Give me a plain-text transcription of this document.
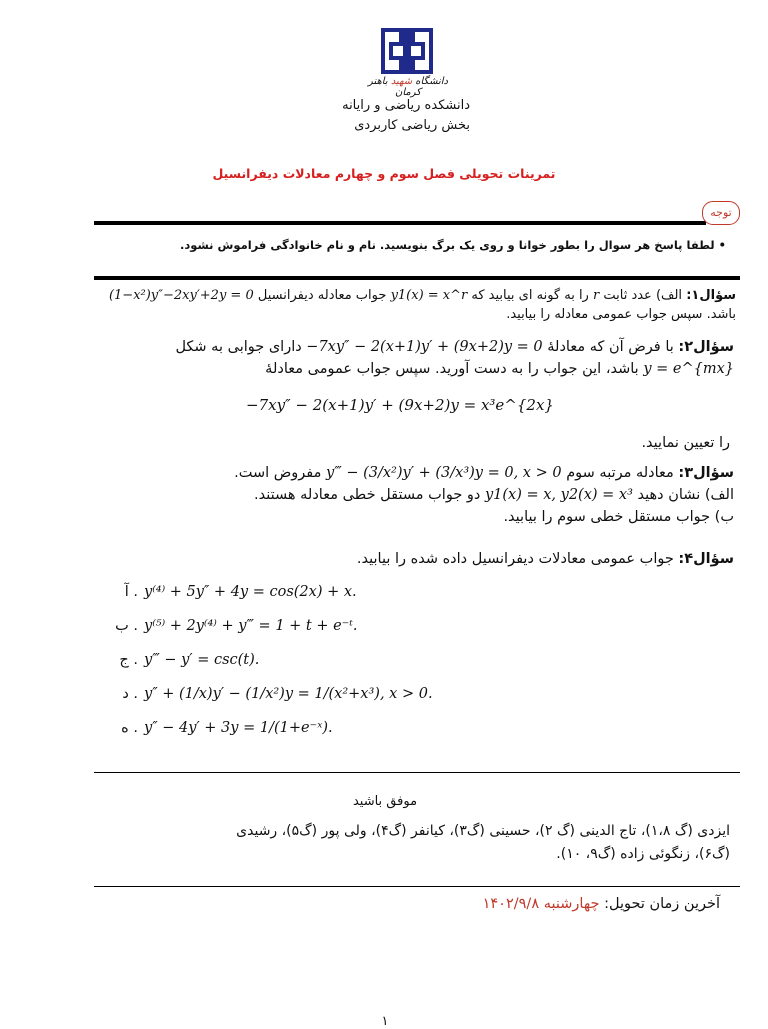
دانشگاه شهید باهنر کرمان
دانشکده ریاضی و رایانه
بخش ریاضی کاربردی
تمرینات تحویلی فصل سوم و چهارم معادلات دیفرانسیل
توجه
• لطفا پاسخ هر سوال را بطور خوانا و روی یک برگ بنویسید. نام و نام خانوادگی فراموش نشود.
سؤال۱: الف) عدد ثابت r را به گونه ای بیابید که y1(x) = x^r جواب معادله دیفرانسیل (1−x²)y″−2xy′+2y = 0
باشد. سپس جواب عمومی معادله را بیابید.
سؤال۲: با فرض آن که معادلهٔ −7xy″ − 2(x+1)y′ + (9x+2)y = 0 دارای جوابی به شکل
y = e^{mx} باشد، این جواب را به دست آورید. سپس جواب عمومی معادلهٔ
−7xy″ − 2(x+1)y′ + (9x+2)y = x³e^{2x}
را تعیین نمایید.
سؤال۳: معادله مرتبه سوم y‴ − (3/x²)y′ + (3/x³)y = 0, x > 0 مفروض است.
الف) نشان دهید y1(x) = x, y2(x) = x³ دو جواب مستقل خطی معادله هستند.
ب) جواب مستقل خطی سوم را بیابید.
سؤال۴: جواب عمومی معادلات دیفرانسیل داده شده را بیابید.
آ . y⁽⁴⁾ + 5y″ + 4y = cos(2x) + x.
ب . y⁽⁵⁾ + 2y⁽⁴⁾ + y‴ = 1 + t + e⁻ᵗ.
ج . y‴ − y′ = csc(t).
د . y″ + (1/x)y′ − (1/x²)y = 1/(x²+x³), x > 0.
ه . y″ − 4y′ + 3y = 1/(1+e⁻ˣ).
موفق باشید
ایزدی (گ ۱،۸)، تاج الدینی (گ ۲)، حسینی (گ۳)، کیانفر (گ۴)، ولی پور (گ۵)، رشیدی
(گ۶)، زنگوئی زاده (گ۹، ۱۰).
آخرین زمان تحویل: چهارشنبه ۱۴۰۲/۹/۸
۱
